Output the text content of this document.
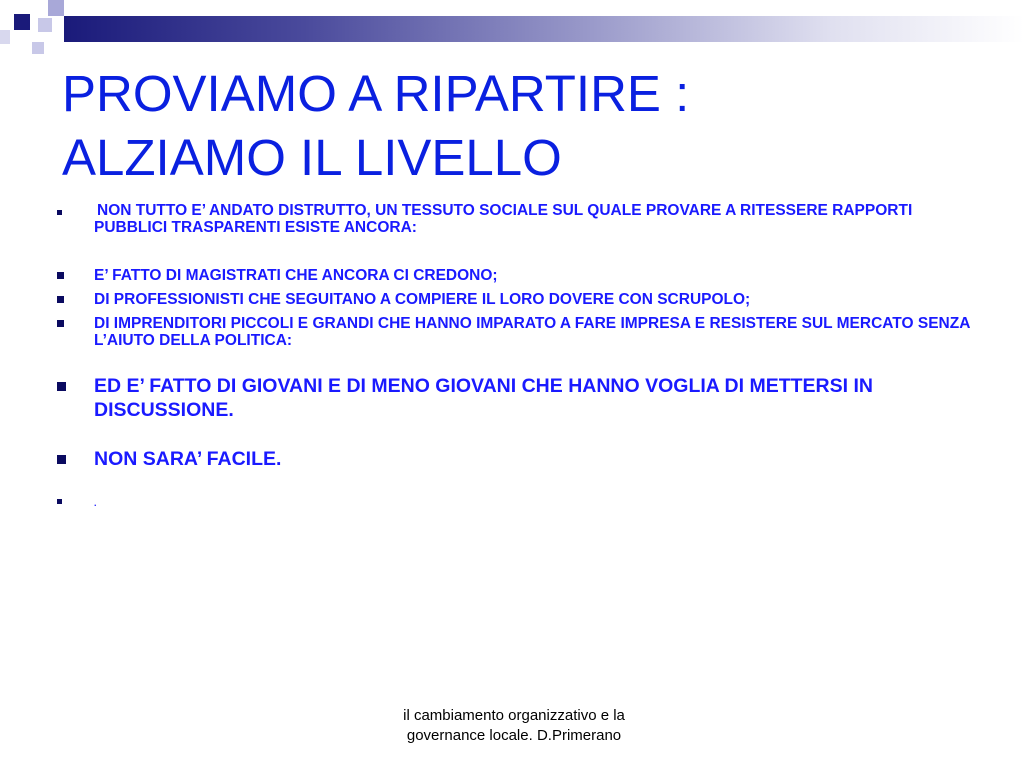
PROVIAMO A RIPARTIRE :
ALZIAMO IL LIVELLO
NON TUTTO E’ ANDATO DISTRUTTO, UN TESSUTO SOCIALE SUL QUALE PROVARE A RITESSERE RAPPORTI PUBBLICI TRASPARENTI ESISTE ANCORA:
E’ FATTO DI MAGISTRATI CHE ANCORA CI CREDONO;
DI PROFESSIONISTI CHE SEGUITANO A COMPIERE IL LORO DOVERE CON SCRUPOLO;
DI IMPRENDITORI PICCOLI E GRANDI CHE HANNO IMPARATO A FARE IMPRESA E RESISTERE SUL MERCATO SENZA L’AIUTO DELLA POLITICA:
ED E’ FATTO DI GIOVANI E DI MENO GIOVANI CHE HANNO VOGLIA DI METTERSI IN DISCUSSIONE.
NON SARA’ FACILE.
.
il cambiamento organizzativo e la
governance locale. D.Primerano
